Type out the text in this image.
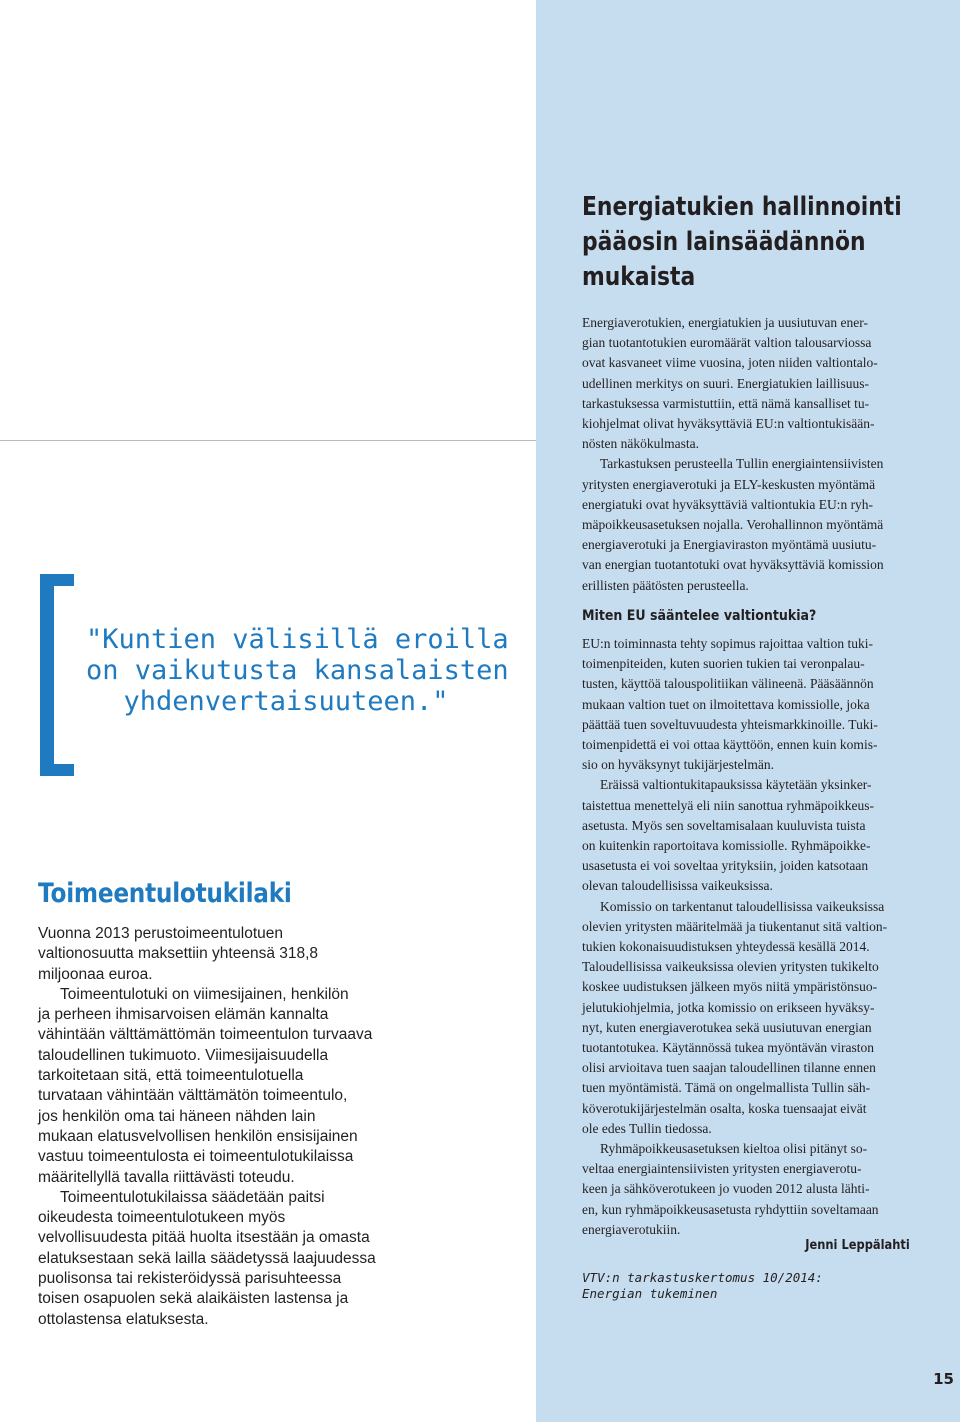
"Kuntien välisillä eroilla
on vaikutusta kansalaisten
yhdenvertaisuuteen."
Toimeentulotukilaki
Vuonna 2013 perustoimeentulotuen
valtionosuutta maksettiin yhteensä 318,8
miljoonaa euroa.
Toimeentulotuki on viimesijainen, henkilön
ja perheen ihmisarvoisen elämän kannalta
vähintään välttämättömän toimeentulon turvaava
taloudellinen tukimuoto. Viimesijaisuudella
tarkoitetaan sitä, että toimeentulotuella
turvataan vähintään välttämätön toimeentulo,
jos henkilön oma tai häneen nähden lain
mukaan elatusvelvollisen henkilön ensisijainen
vastuu toimeentulosta ei toimeentulotukilaissa
määritellyllä tavalla riittävästi toteudu.
Toimeentulotukilaissa säädetään paitsi
oikeudesta toimeentulotukeen myös
velvollisuudesta pitää huolta itsestään ja omasta
elatuksestaan sekä lailla säädetyssä laajuudessa
puolisonsa tai rekisteröidyssä parisuhteessa
toisen osapuolen sekä alaikäisten lastensa ja
ottolastensa elatuksesta.
Energiatukien hallinnointi
pääosin lainsäädännön
mukaista
Energiaverotukien, energiatukien ja uusiutuvan ener-
gian tuotantotukien euromäärät valtion talousarviossa
ovat kasvaneet viime vuosina, joten niiden valtiontalo-
udellinen merkitys on suuri. Energiatukien laillisuus-
tarkastuksessa varmistuttiin, että nämä kansalliset tu-
kiohjelmat olivat hyväksyttäviä EU:n valtiontukisään-
nösten näkökulmasta.
Tarkastuksen perusteella Tullin energiaintensiivisten
yritysten energiaverotuki ja ELY-keskusten myöntämä
energiatuki ovat hyväksyttäviä valtiontukia EU:n ryh-
mäpoikkeusasetuksen nojalla. Verohallinnon myöntämä
energiaverotuki ja Energiaviraston myöntämä uusiutu-
van energian tuotantotuki ovat hyväksyttäviä komission
erillisten päätösten perusteella.
Miten EU sääntelee valtiontukia?
EU:n toiminnasta tehty sopimus rajoittaa valtion tuki-
toimenpiteiden, kuten suorien tukien tai veronpalau-
tusten, käyttöä talouspolitiikan välineenä. Pääsäännön
mukaan valtion tuet on ilmoitettava komissiolle, joka
päättää tuen soveltuvuudesta yhteismarkkinoille. Tuki-
toimenpidettä ei voi ottaa käyttöön, ennen kuin komis-
sio on hyväksynyt tukijärjestelmän.
Eräissä valtiontukitapauksissa käytetään yksinker-
taistettua menettelyä eli niin sanottua ryhmäpoikkeus-
asetusta. Myös sen soveltamisalaan kuuluvista tuista
on kuitenkin raportoitava komissiolle. Ryhmäpoikke-
usasetusta ei voi soveltaa yrityksiin, joiden katsotaan
olevan taloudellisissa vaikeuksissa.
Komissio on tarkentanut taloudellisissa vaikeuksissa
olevien yritysten määritelmää ja tiukentanut sitä valtion-
tukien kokonaisuudistuksen yhteydessä kesällä 2014.
Taloudellisissa vaikeuksissa olevien yritysten tukikelto
koskee uudistuksen jälkeen myös niitä ympäristönsuo-
jelutukiohjelmia, jotka komissio on erikseen hyväksy-
nyt, kuten energiaverotukea sekä uusiutuvan energian
tuotantotukea. Käytännössä tukea myöntävän viraston
olisi arvioitava tuen saajan taloudellinen tilanne ennen
tuen myöntämistä. Tämä on ongelmallista Tullin säh-
köverotukijärjestelmän osalta, koska tuensaajat eivät
ole edes Tullin tiedossa.
Ryhmäpoikkeusasetuksen kieltoa olisi pitänyt so-
veltaa energiaintensiivisten yritysten energiaverotu-
keen ja sähköverotukeen jo vuoden 2012 alusta lähti-
en, kun ryhmäpoikkeusasetusta ryhdyttiin soveltamaan
energiaverotukiin.
Jenni Leppälahti
VTV:n tarkastuskertomus 10/2014:
Energian tukeminen
15
